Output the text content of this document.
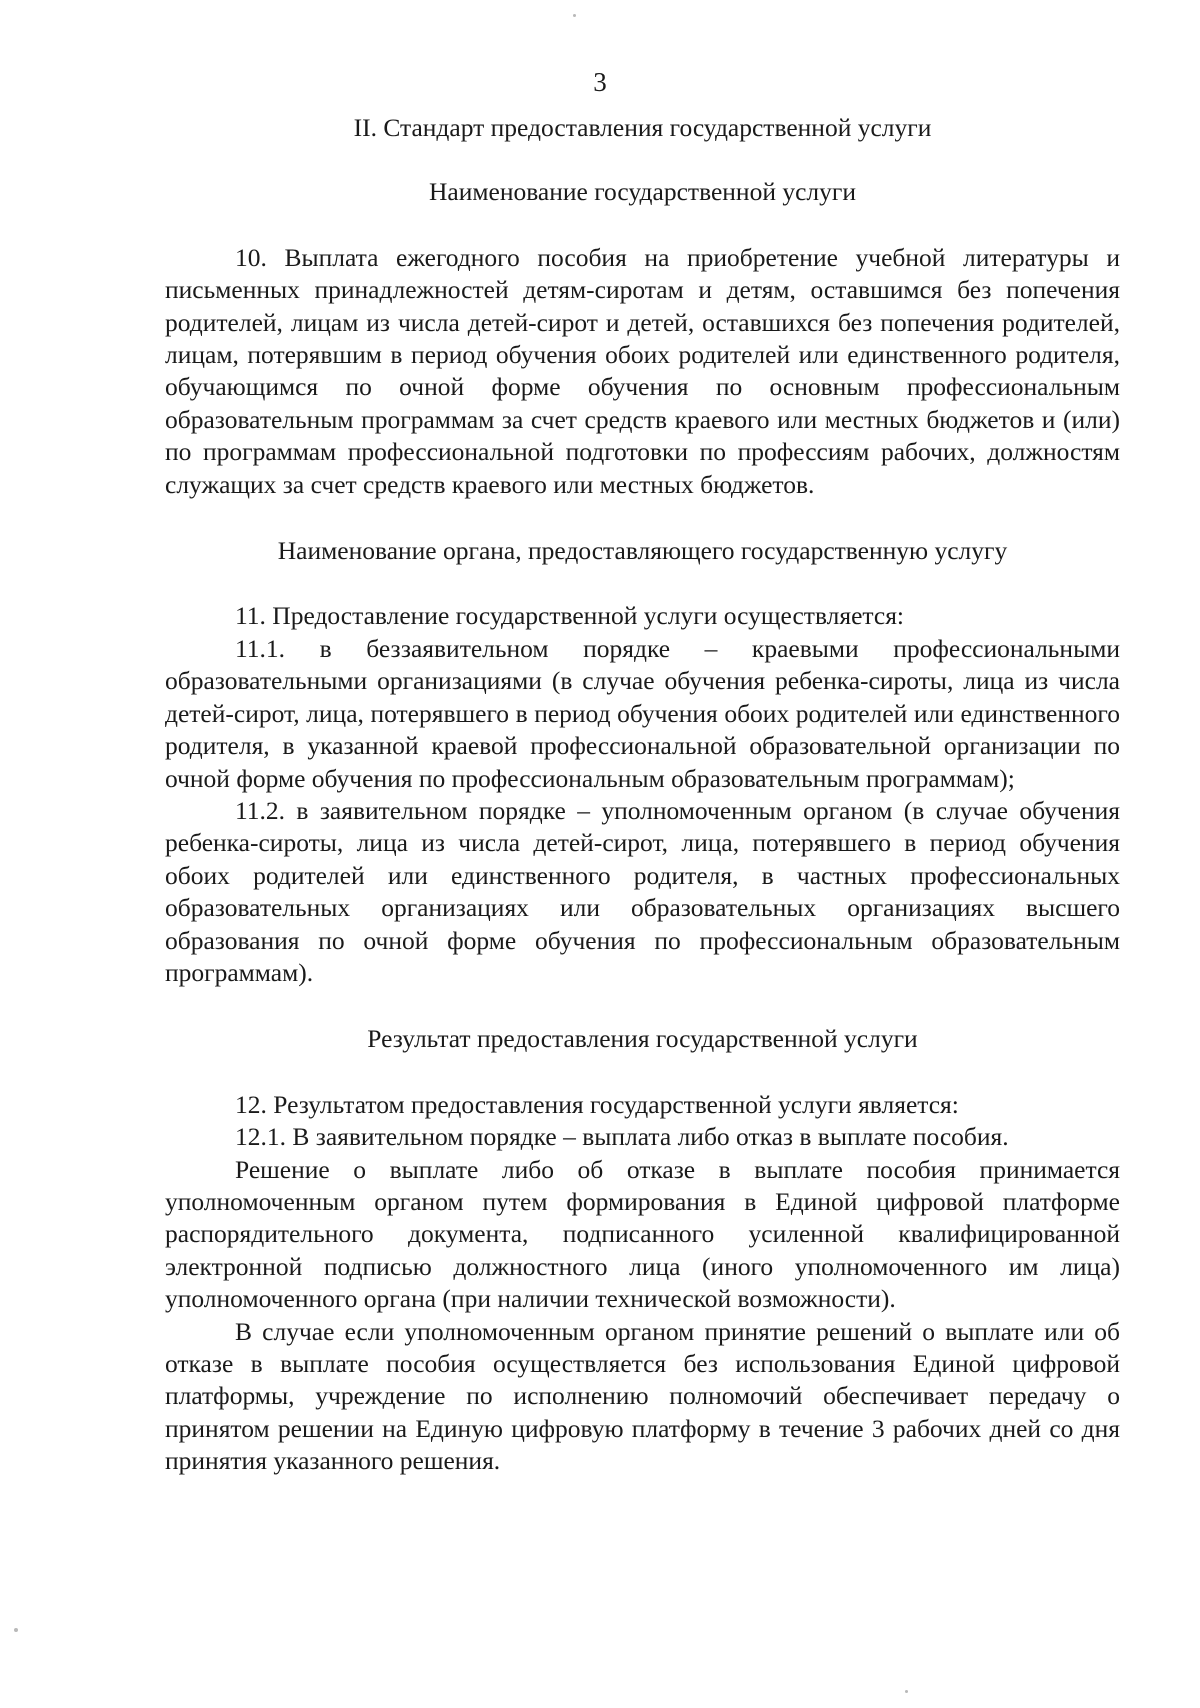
3

II. Стандарт предоставления государственной услуги

Наименование государственной услуги

10. Выплата ежегодного пособия на приобретение учебной литературы и письменных принадлежностей детям-сиротам и детям, оставшимся без попечения родителей, лицам из числа детей-сирот и детей, оставшихся без попечения родителей, лицам, потерявшим в период обучения обоих родителей или единственного родителя, обучающимся по очной форме обучения по основным профессиональным образовательным программам за счет средств краевого или местных бюджетов и (или) по программам профессиональной подготовки по профессиям рабочих, должностям служащих за счет средств краевого или местных бюджетов.

Наименование органа, предоставляющего государственную услугу

11. Предоставление государственной услуги осуществляется:

11.1. в беззаявительном порядке – краевыми профессиональными образовательными организациями (в случае обучения ребенка-сироты, лица из числа детей-сирот, лица, потерявшего в период обучения обоих родителей или единственного родителя, в указанной краевой профессиональной образовательной организации по очной форме обучения по профессиональным образовательным программам);

11.2. в заявительном порядке – уполномоченным органом (в случае обучения ребенка-сироты, лица из числа детей-сирот, лица, потерявшего в период обучения обоих родителей или единственного родителя, в частных профессиональных образовательных организациях или образовательных организациях высшего образования по очной форме обучения по профессиональным образовательным программам).

Результат предоставления государственной услуги

12. Результатом предоставления государственной услуги является:

12.1. В заявительном порядке – выплата либо отказ в выплате пособия.

Решение о выплате либо об отказе в выплате пособия принимается уполномоченным органом путем формирования в Единой цифровой платформе распорядительного документа, подписанного усиленной квалифицированной электронной подписью должностного лица (иного уполномоченного им лица) уполномоченного органа (при наличии технической возможности).

В случае если уполномоченным органом принятие решений о выплате или об отказе в выплате пособия осуществляется без использования Единой цифровой платформы, учреждение по исполнению полномочий обеспечивает передачу о принятом решении на Единую цифровую платформу в течение 3 рабочих дней со дня принятия указанного решения.
